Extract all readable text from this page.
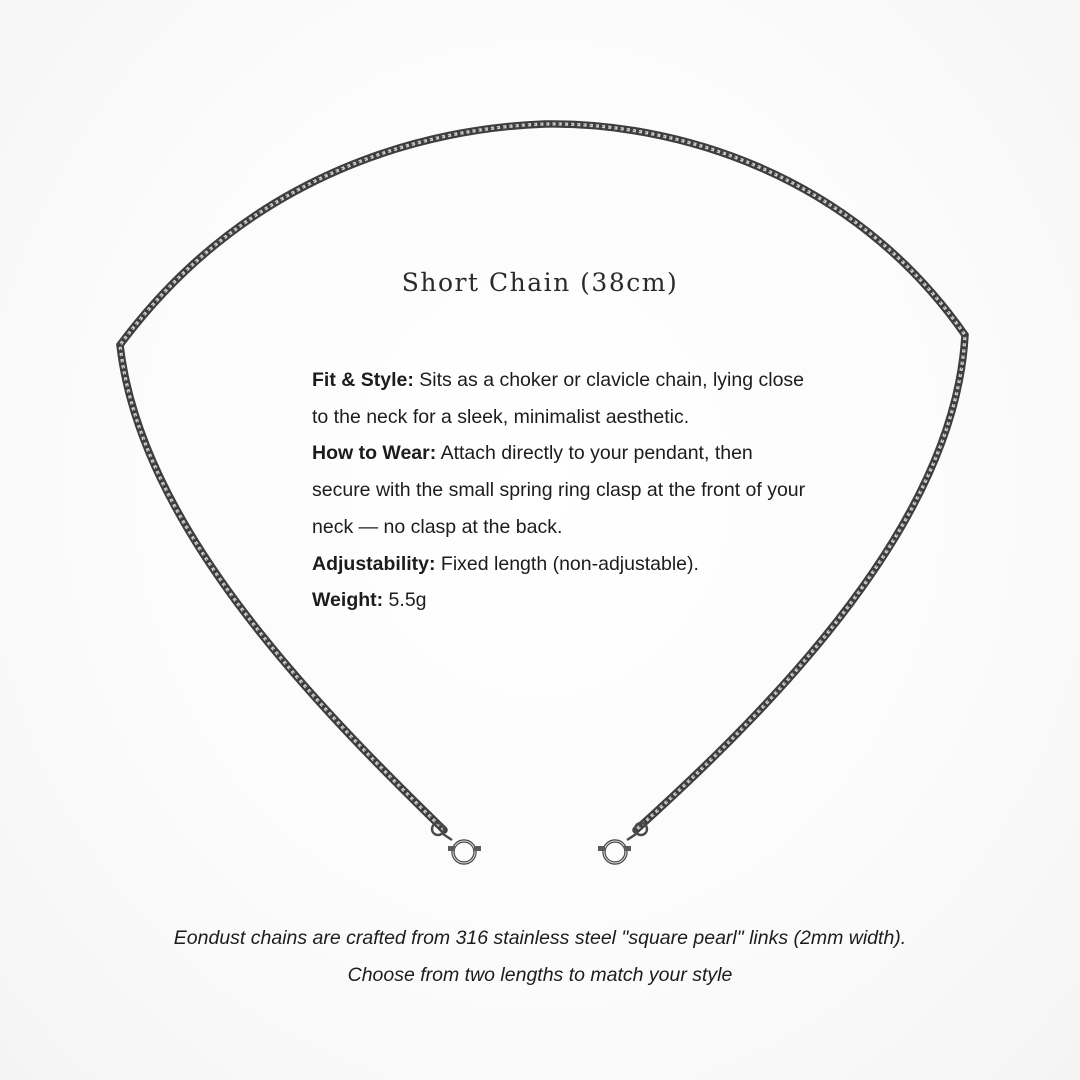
Short Chain (38cm)

Fit & Style: Sits as a choker or clavicle chain, lying close to the neck for a sleek, minimalist aesthetic.

How to Wear: Attach directly to your pendant, then secure with the small spring ring clasp at the front of your neck — no clasp at the back.

Adjustability: Fixed length (non-adjustable).

Weight: 5.5g

Eondust chains are crafted from 316 stainless steel "square pearl" links (2mm width).
Choose from two lengths to match your style
